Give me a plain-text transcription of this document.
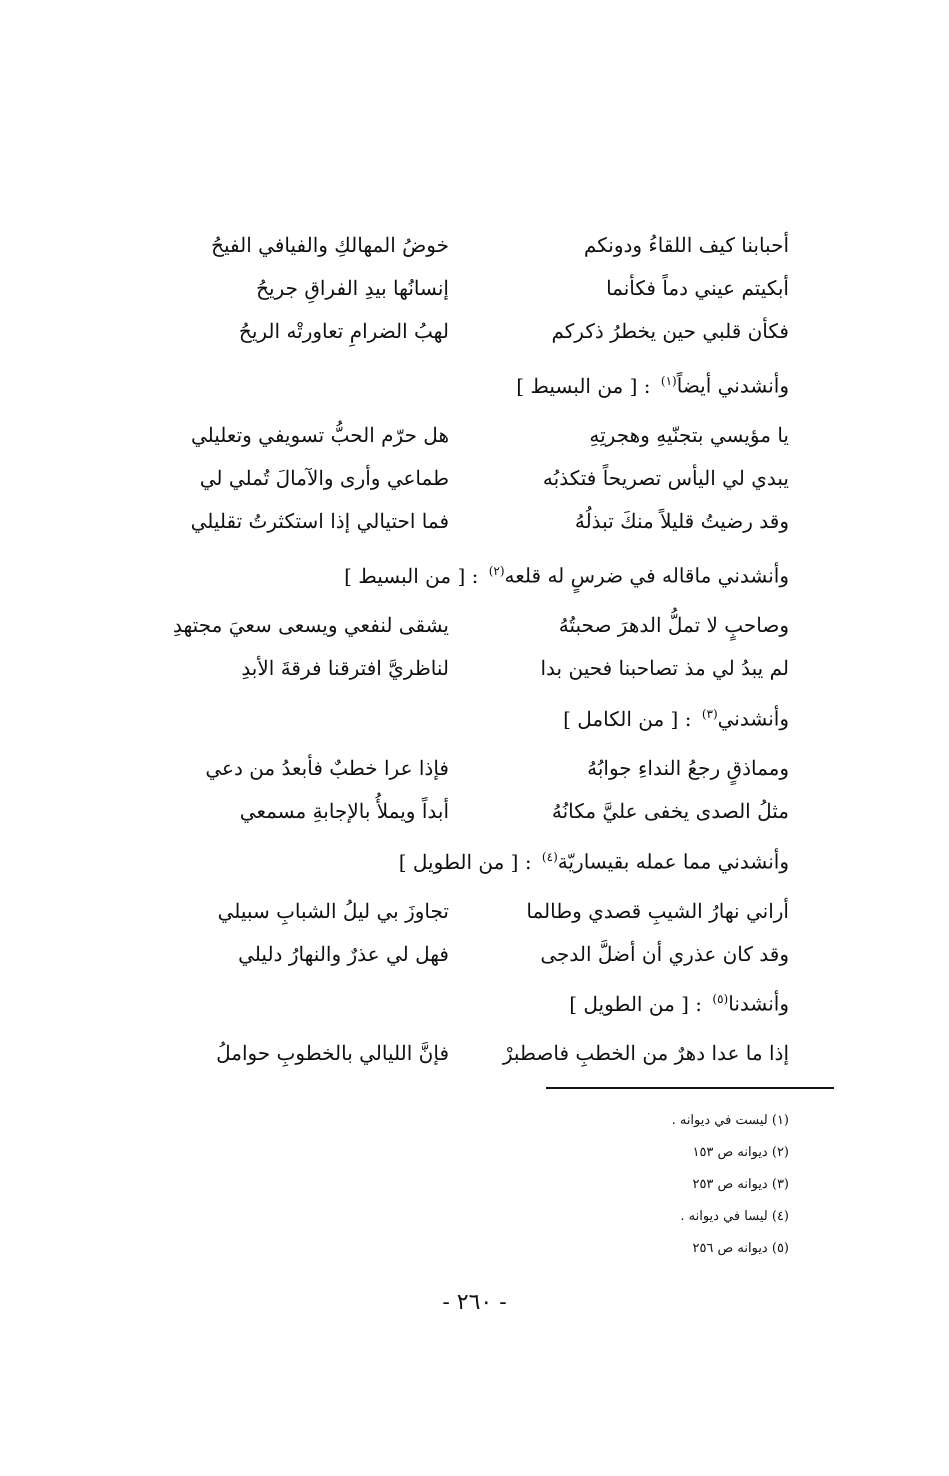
أحبابنا كيف اللقاءُ ودونكم
خوضُ المهالكِ والفيافي الفيحُ
أبكيتم عيني دماً فكأنما
إنسانُها بيدِ الفراقِ جريحُ
فكأن قلبي حين يخطرُ ذكركم
لهبُ الضرامِ تعاورتْه الريحُ
وأنشدني أيضاً$^{(١)}$ : [ من البسيط ]
يا مؤيسي بتجنّيهِ وهجرتِهِ
هل حرّم الحبُّ تسويفي وتعليلي
يبدي لي اليأس تصريحاً فتكذبُه
طماعي وأرى والآمالَ تُملي لي
وقد رضيتُ قليلاً منكَ تبذلُهُ
فما احتيالي إذا استكثرتُ تقليلي
وأنشدني ماقاله في ضرسٍ له قلعه$^{(٢)}$ : [ من البسيط ]
وصاحبٍ لا تملُّ الدهرَ صحبتُهُ
يشقى لنفعي ويسعى سعيَ مجتهدِ
لم يبدُ لي مذ تصاحبنا فحين بدا
لناظريَّ افترقنا فرقةَ الأبدِ
وأنشدني$^{(٣)}$ : [ من الكامل ]
ومماذقٍ رجعُ النداءِ جوابُهُ
فإذا عرا خطبٌ فأبعدُ من دعي
مثلُ الصدى يخفى عليَّ مكانُهُ
أبداً ويملأُ بالإجابةِ مسمعي
وأنشدني مما عمله بقيساريّة$^{(٤)}$ : [ من الطويل ]
أراني نهارُ الشيبِ قصدي وطالما
تجاوزَ بي ليلُ الشبابِ سبيلي
وقد كان عذري أن أضلَّ الدجى
فهل لي عذرٌ والنهارُ دليلي
وأنشدنا$^{(٥)}$ : [ من الطويل ]
إذا ما عدا دهرٌ من الخطبِ فاصطبرْ
فإنَّ الليالي بالخطوبِ حواملُ
(١) ليست في ديوانه .
(٢) ديوانه ص ١٥٣
(٣) ديوانه ص ٢٥٣
(٤) ليسا في ديوانه .
(٥) ديوانه ص ٢٥٦
- ٢٦٠ -
